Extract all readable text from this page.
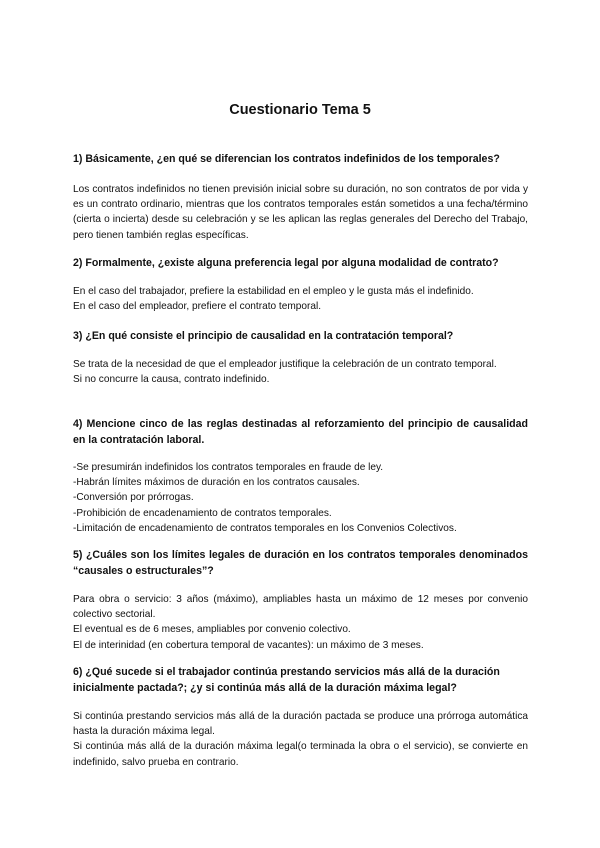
Cuestionario Tema 5
1) Básicamente, ¿en qué se diferencian los contratos indefinidos de los temporales?

Los contratos indefinidos no tienen previsión inicial sobre su duración, no son contratos de por vida y es un contrato ordinario, mientras que los contratos temporales están sometidos a una fecha/término (cierta o incierta) desde su celebración y se les aplican las reglas generales del Derecho del Trabajo, pero tienen también reglas específicas.

2) Formalmente, ¿existe alguna preferencia legal por alguna modalidad de contrato?

En el caso del trabajador, prefiere la estabilidad en el empleo y le gusta más el indefinido.

En el caso del empleador, prefiere el contrato temporal.

3) ¿En qué consiste el principio de causalidad en la contratación temporal?

Se trata de la necesidad de que el empleador justifique la celebración de un contrato temporal.

Si no concurre la causa, contrato indefinido.

4) Mencione cinco de las reglas destinadas al reforzamiento del principio de causalidad en la contratación laboral.

-Se presumirán indefinidos los contratos temporales en fraude de ley.

-Habrán límites máximos de duración en los contratos causales.

-Conversión por prórrogas.

-Prohibición de encadenamiento de contratos temporales.

-Limitación de encadenamiento de contratos temporales en los Convenios Colectivos.

5) ¿Cuáles son los límites legales de duración en los contratos temporales denominados “causales o estructurales”?

Para obra o servicio: 3 años (máximo), ampliables hasta un máximo de 12 meses por convenio colectivo sectorial.

El eventual es de 6 meses, ampliables por convenio colectivo.

El de interinidad (en cobertura temporal de vacantes): un máximo de 3 meses.

6) ¿Qué sucede si el trabajador continúa prestando servicios más allá de la duración inicialmente pactada?; ¿y si continúa más allá de la duración máxima legal?

Si continúa prestando servicios más allá de la duración pactada se produce una prórroga automática hasta la duración máxima legal.

Si continúa más allá de la duración máxima legal(o terminada la obra o el servicio), se convierte en indefinido, salvo prueba en contrario.
